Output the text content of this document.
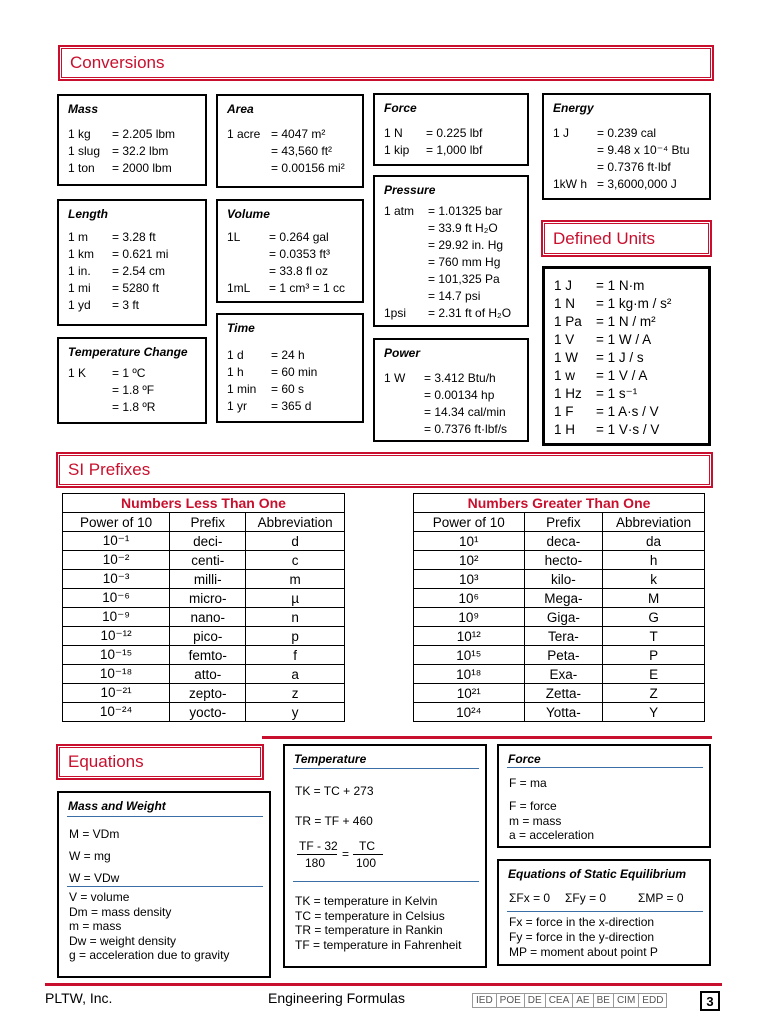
Conversions
Mass
1 kg	= 2.205 lbm
1 slug = 32.2 lbm
1 ton	= 2000 lbm
Area
1 acre = 4047 m²
= 43,560 ft²
= 0.00156 mi²
Force
1 N	= 0.225 lbf
1 kip	= 1,000 lbf
Energy
1 J	= 0.239 cal
= 9.48 x 10⁻⁴ Btu
= 0.7376 ft·lbf
1kW h = 3,6000,000 J
Length
1 m	= 3.28 ft
1 km	= 0.621 mi
1 in.	= 2.54 cm
1 mi	= 5280 ft
1 yd	= 3 ft
Volume
1L	= 0.264 gal
= 0.0353 ft³
= 33.8 fl oz
1mL	= 1 cm³ = 1 cc
Pressure
1 atm	= 1.01325 bar
= 33.9 ft H₂O
= 29.92 in. Hg
= 760 mm Hg
= 101,325 Pa
= 14.7 psi
1psi	= 2.31 ft of H₂O
Defined Units
1 J	= 1 N·m
1 N	= 1 kg·m / s²
1 Pa	= 1 N / m²
1 V	= 1 W / A
1 W	= 1 J / s
1 w	= 1 V / A
1 Hz	= 1 s⁻¹
1 F	= 1 A·s / V
1 H	= 1 V·s / V
Temperature Change
1 K	= 1 ºC
= 1.8 ºF
= 1.8 ºR
Time
1 d	= 24 h
1 h	= 60 min
1 min	= 60 s
1 yr	= 365 d
Power
1 W	= 3.412 Btu/h
= 0.00134 hp
= 14.34 cal/min
= 0.7376 ft·lbf/s
SI Prefixes
Numbers Less Than One		
Power of 10	Prefix	Abbreviation
10⁻¹	deci-	d
10⁻²	centi-	c
10⁻³	milli-	m
10⁻⁶	micro-	µ
10⁻⁹	nano-	n
10⁻¹²	pico-	p
10⁻¹⁵	femto-	f
10⁻¹⁸	atto-	a
10⁻²¹	zepto-	z
10⁻²⁴	yocto-	y
Numbers Greater Than One		
Power of 10	Prefix	Abbreviation
10¹	deca-	da
10²	hecto-	h
10³	kilo-	k
10⁶	Mega-	M
10⁹	Giga-	G
10¹²	Tera-	T
10¹⁵	Peta-	P
10¹⁸	Exa-	E
10²¹	Zetta-	Z
10²⁴	Yotta-	Y
Equations
Mass and Weight
M = VDm
W = mg
W = VDw
V = volume
Dm = mass density
m = mass
Dw = weight density
g = acceleration due to gravity
Temperature
TK = TC + 273
TR = TF + 460
TF - 32
180
=
TC
100
TK = temperature in Kelvin
TC = temperature in Celsius
TR = temperature in Rankin
TF = temperature in Fahrenheit
Force
F = ma
F = force
m = mass
a = acceleration
Equations of Static Equilibrium
ΣFx = 0 ΣFy = 0	ΣMP = 0
Fx = force in the x-direction
Fy = force in the y-direction
MP = moment about point P
PLTW, Inc.	Engineering Formulas	IED POE DE CEA AE BE CIM EDD	3
